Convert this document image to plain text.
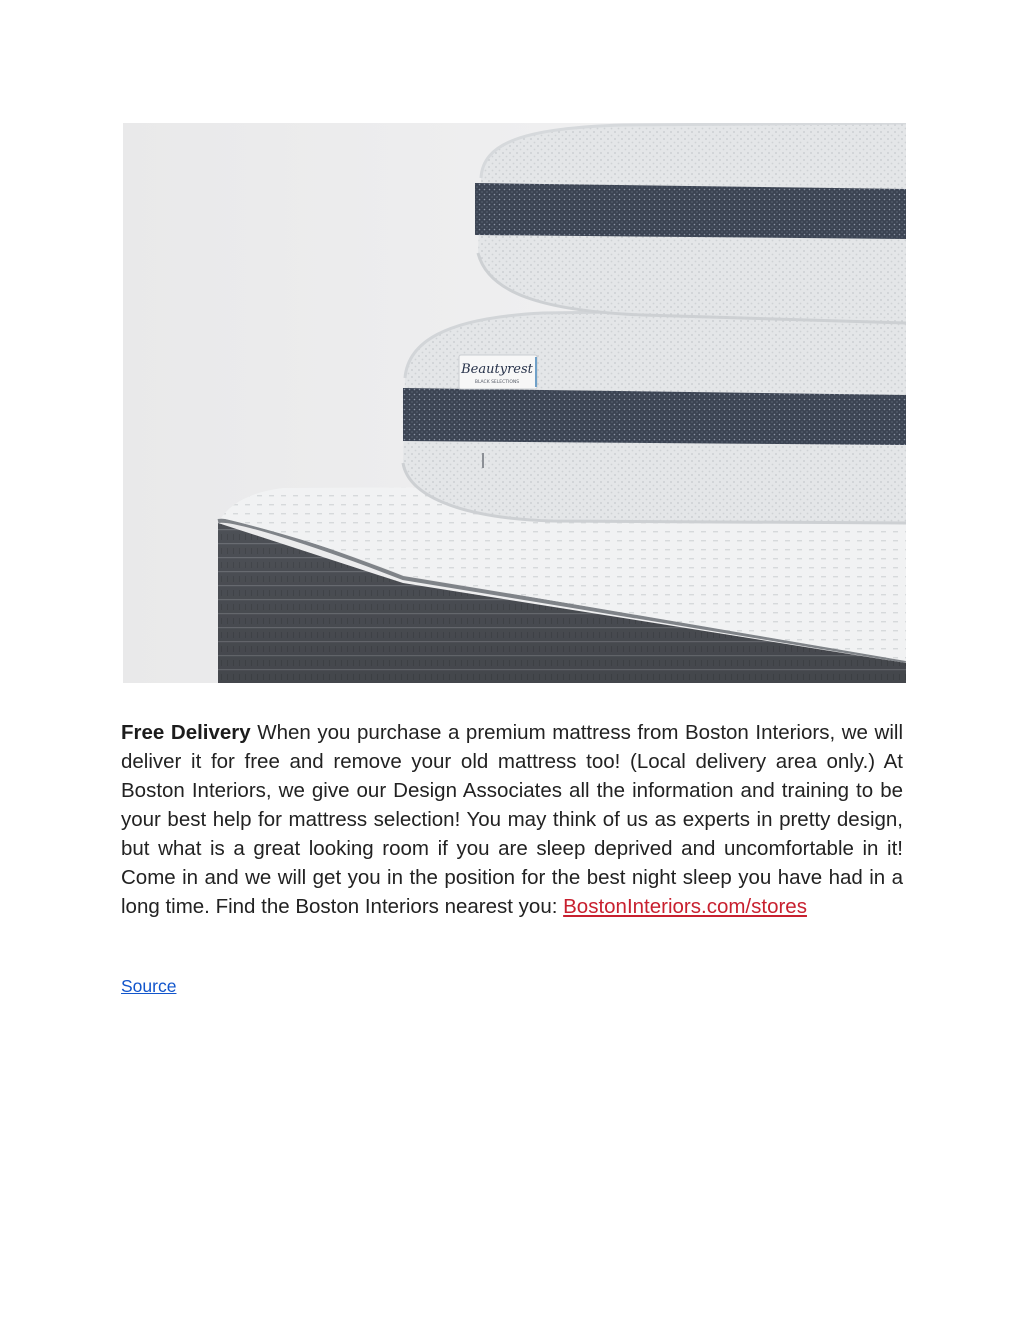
Beautyrest
BLACK SELECTIONS

Free Delivery When you purchase a premium mattress from Boston Interiors, we will deliver it for free and remove your old mattress too! (Local delivery area only.) At Boston Interiors, we give our Design Associates all the information and training to be your best help for mattress selection! You may think of us as experts in pretty design, but what is a great looking room if you are sleep deprived and uncomfortable in it! Come in and we will get you in the position for the best night sleep you have had in a long time. Find the Boston Interiors nearest you: BostonInteriors.com/stores

Source
